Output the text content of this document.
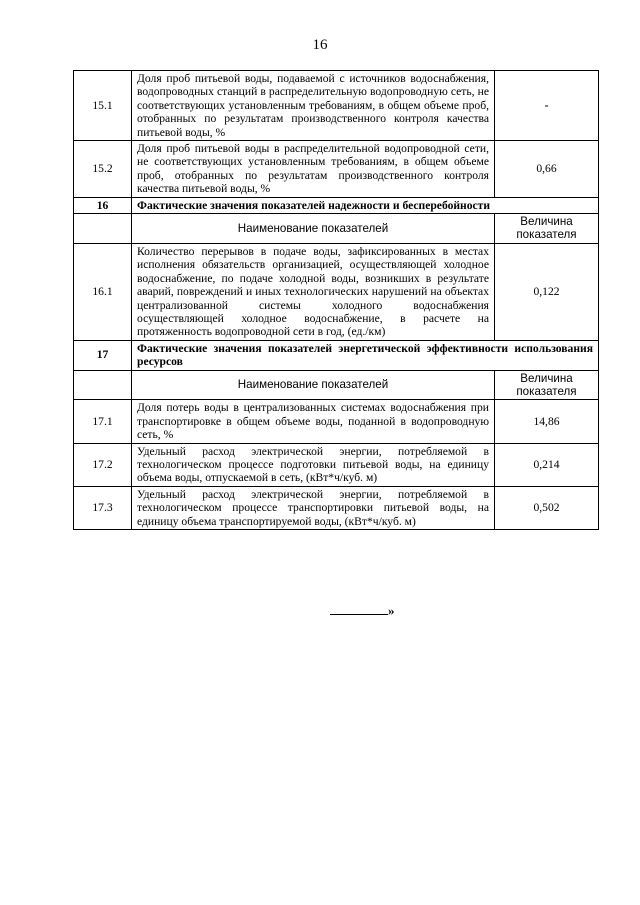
16
15.1	Доля проб питьевой воды, подаваемой с источников водоснабжения, водопроводных станций в распределительную водопроводную сеть, не соответствующих установленным требованиям, в общем объеме проб, отобранных по результатам производственного контроля качества питьевой воды, %	-
15.2	Доля проб питьевой воды в распределительной водопроводной сети, не соответствующих установленным требованиям, в общем объеме проб, отобранных по результатам производственного контроля качества питьевой воды, %	0,66
16	Фактические значения показателей надежности и бесперебойности	
	Наименование показателей	Величина показателя
16.1	Количество перерывов в подаче воды, зафиксированных в местах исполнения обязательств организацией, осуществляющей холодное водоснабжение, по подаче холодной воды, возникших в результате аварий, повреждений и иных технологических нарушений на объектах централизованной системы холодного водоснабжения осуществляющей холодное водоснабжение, в расчете на протяженность водопроводной сети в год, (ед./км)	0,122
17	Фактические значения показателей энергетической эффективности использования ресурсов	
	Наименование показателей	Величина показателя
17.1	Доля потерь воды в централизованных системах водоснабжения при транспортировке в общем объеме воды, поданной в водопроводную сеть, %	14,86
17.2	Удельный расход электрической энергии, потребляемой в технологическом процессе подготовки питьевой воды, на единицу объема воды, отпускаемой в сеть, (кВт*ч/куб. м)	0,214
17.3	Удельный расход электрической энергии, потребляемой в технологическом процессе транспортировки питьевой воды, на единицу объема транспортируемой воды, (кВт*ч/куб. м)	0,502
»
